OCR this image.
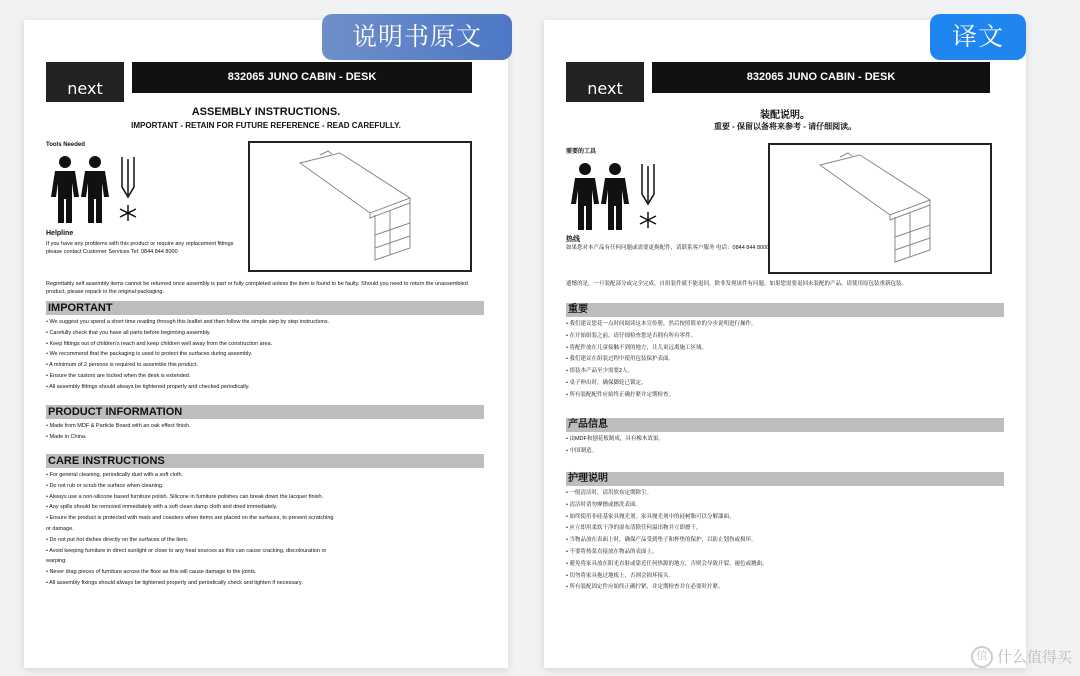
说明书原文
next
832065 JUNO CABIN - DESK
ASSEMBLY INSTRUCTIONS.
IMPORTANT - RETAIN FOR FUTURE REFERENCE - READ CAREFULLY.
Tools Needed
Helpline
If you have any problems with this product or require any replacement fittings please contact Customer Services Tel: 0844 844 8000
Regrettably self assembly items cannot be returned once assembly is part or fully completed unless the item is found to be faulty. Should you need to return the unassembled product, please repack in the original packaging.
IMPORTANT
• We suggest you spend a short time reading through this leaflet and then follow the simple step by step instructions.
• Carefully check that you have all parts before beginning assembly.
• Keep fittings out of children's reach and keep children well away from the construction area.
• We recommend that the packaging is used to protect the surfaces during assembly.
• A minimum of 2 persons is required to assemble this product.
• Ensure the castors are locked when the desk is extended.
• All assembly fittings should always be tightened properly and checked periodically.
PRODUCT INFORMATION
• Made from MDF & Particle Board with an oak effect finish.
• Made in China.
CARE INSTRUCTIONS
• For general cleaning, periodically dust with a soft cloth.
• Do not rub or scrub the surface when cleaning.
• Always use a non-silicone based furniture polish. Silicone in furniture polishes can break down the lacquer finish.
• Any spills should be removed immediately with a soft clean damp cloth and dried immediately.
• Ensure the product is protected with mats and coasters when items are placed on the surfaces, to prevent scratching
or damage.
• Do not put hot dishes directly on the surfaces of the item.
• Avoid keeping furniture in direct sunlight or close to any heat sources as this can cause cracking, discolouration or
warping.
• Never drag pieces of furniture across the floor as this will cause damage to the joints.
• All assembly fixings should always be tightened properly and periodically check and tighten if necessary.
译文
next
832065 JUNO CABIN - DESK
装配说明。
重要 - 保留以备将来参考 - 请仔细阅读。
需要的工具
热线
如果您对本产品有任何问题或需要更换配件，请联系客户服务 电话：0844 844 8000
遗憾的是，一旦装配部分或完全完成，自组装件就不能退回，除非发现该件有问题。如果您需要退回未装配的产品，请使用原包装重新包装。
重要
• 我们建议您花一点时间阅读这本宣传册，然后按照简单的分步说明进行操作。
• 在开始组装之前，请仔细检查您是否拥有所有零件。
• 将配件放在儿童接触不到的地方，让儿童远离施工区域。
• 我们建议在组装过程中使用包装保护表面。
• 组装本产品至少需要2人。
• 桌子伸出时，确保脚轮已锁定。
• 所有装配配件应始终正确拧紧并定期检查。
产品信息
• 由MDF和刨花板制成，具有橡木效果。
• 中国制造。
护理说明
• 一般清洁时，请用软布定期除尘。
• 清洁时请勿摩擦或擦洗表面。
• 始终使用非硅基家具抛光剂。家具抛光剂中的硅树脂可以分解漆面。
• 应立即用柔软干净的湿布清除任何溢出物并立即擦干。
• 当物品放在表面上时，确保产品受到垫子和杯垫的保护，以防止划伤或损坏。
• 不要将热菜直接放在物品的表面上。
• 避免将家具放在阳光直射或靠近任何热源的地方，否则会导致开裂、褪色或翘曲。
• 切勿将家具拖过地板上，否则会损坏接头。
• 所有装配固定件应始终正确拧紧，并定期检查并在必要时拧紧。
值 什么值得买
